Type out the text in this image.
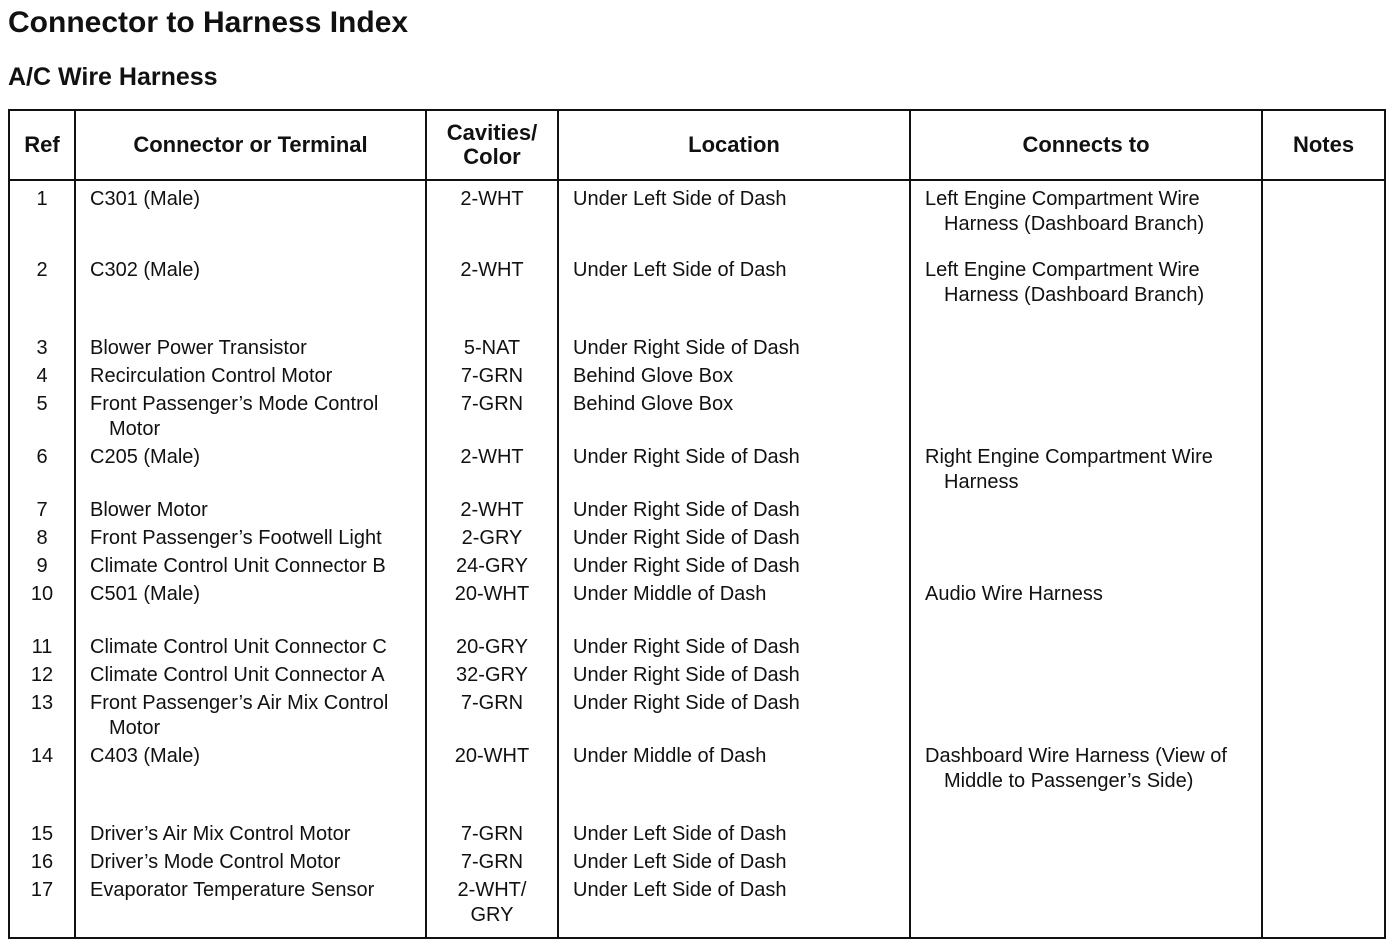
Connector to Harness Index
A/C Wire Harness
Ref	Connector or Terminal	Cavities/ Color	Location	Connects to	Notes

1	C301 (Male)	2-WHT	Under Left Side of Dash	Left Engine Compartment Wire Harness (Dashboard Branch)	

2	C302 (Male)	2-WHT	Under Left Side of Dash	Left Engine Compartment Wire Harness (Dashboard Branch)	

3	Blower Power Transistor	5-NAT	Under Right Side of Dash		

4	Recirculation Control Motor	7-GRN	Behind Glove Box		

5	Front Passenger’s Mode Control Motor	7-GRN	Behind Glove Box		

6	C205 (Male)	2-WHT	Under Right Side of Dash	Right Engine Compartment Wire Harness	

7	Blower Motor	2-WHT	Under Right Side of Dash		

8	Front Passenger’s Footwell Light	2-GRY	Under Right Side of Dash		

9	Climate Control Unit Connector B	24-GRY	Under Right Side of Dash		

10	C501 (Male)	20-WHT	Under Middle of Dash	Audio Wire Harness	

11	Climate Control Unit Connector C	20-GRY	Under Right Side of Dash		

12	Climate Control Unit Connector A	32-GRY	Under Right Side of Dash		

13	Front Passenger’s Air Mix Control Motor	7-GRN	Under Right Side of Dash		

14	C403 (Male)	20-WHT	Under Middle of Dash	Dashboard Wire Harness (View of Middle to Passenger’s Side)	

15	Driver’s Air Mix Control Motor	7-GRN	Under Left Side of Dash		

16	Driver’s Mode Control Motor	7-GRN	Under Left Side of Dash		

17	Evaporator Temperature Sensor	2-WHT/ GRY	Under Left Side of Dash		
